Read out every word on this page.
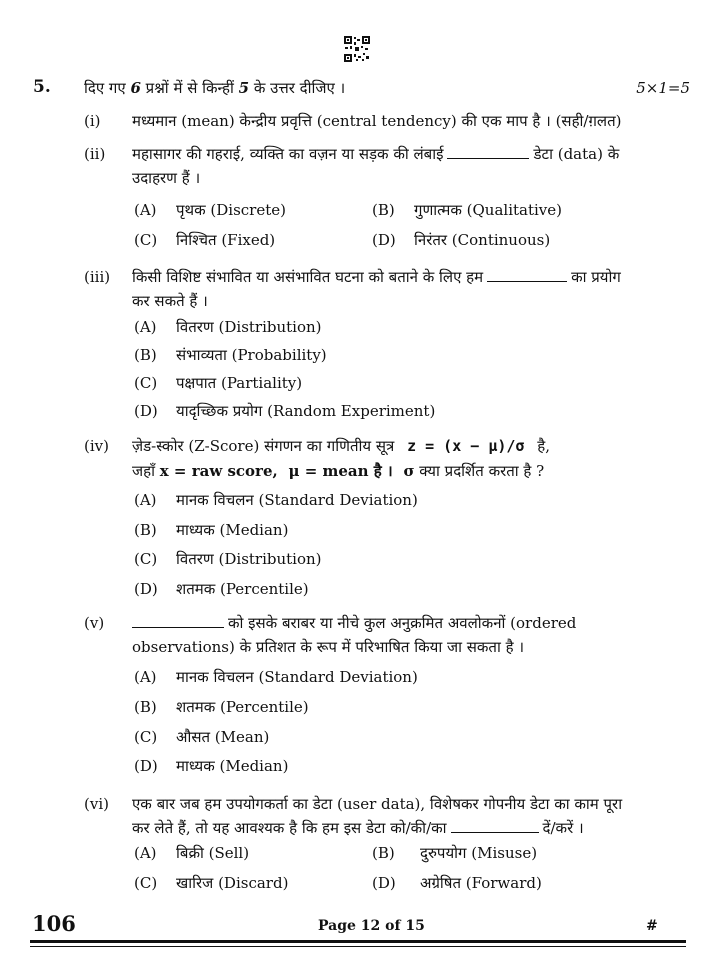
5. दिए गए 6 प्रश्नों में से किन्हीं 5 के उत्तर दीजिए ।	5×1=5
(i) मध्यमान (mean) केन्द्रीय प्रवृत्ति (central tendency) की एक माप है । (सही/ग़लत)
(ii) महासागर की गहराई, व्यक्ति का वज़न या सड़क की लंबाई	डेटा (data) के
उदाहरण हैं ।
(A) पृथक (Discrete)	(B) गुणात्मक (Qualitative)
(C) निश्चित (Fixed)	(D) निरंतर (Continuous)
(iii) किसी विशिष्ट संभावित या असंभावित घटना को बताने के लिए हम	का प्रयोग
कर सकते हैं ।
(A) वितरण (Distribution)
(B) संभाव्यता (Probability)
(C) पक्षपात (Partiality)
(D) यादृच्छिक प्रयोग (Random Experiment)
(iv) ज़ेड-स्कोर (Z-Score) संगणन का गणितीय सूत्र z = (x − μ)/σ है,
जहाँ x = raw score, μ = mean है । σ क्या प्रदर्शित करता है ?
(A) मानक विचलन (Standard Deviation)
(B) माध्यक (Median)
(C) वितरण (Distribution)
(D) शतमक (Percentile)
(v)	को इसके बराबर या नीचे कुल अनुक्रमित अवलोकनों (ordered
observations) के प्रतिशत के रूप में परिभाषित किया जा सकता है ।
(A) मानक विचलन (Standard Deviation)
(B) शतमक (Percentile)
(C) औसत (Mean)
(D) माध्यक (Median)
(vi) एक बार जब हम उपयोगकर्ता का डेटा (user data), विशेषकर गोपनीय डेटा का काम पूरा
कर लेते हैं, तो यह आवश्यक है कि हम इस डेटा को/की/का	दें/करें ।
(A) बिक्री (Sell)	(B) दुरुपयोग (Misuse)
(C) खारिज (Discard)	(D) अग्रेषित (Forward)
106	Page 12 of 15	#
